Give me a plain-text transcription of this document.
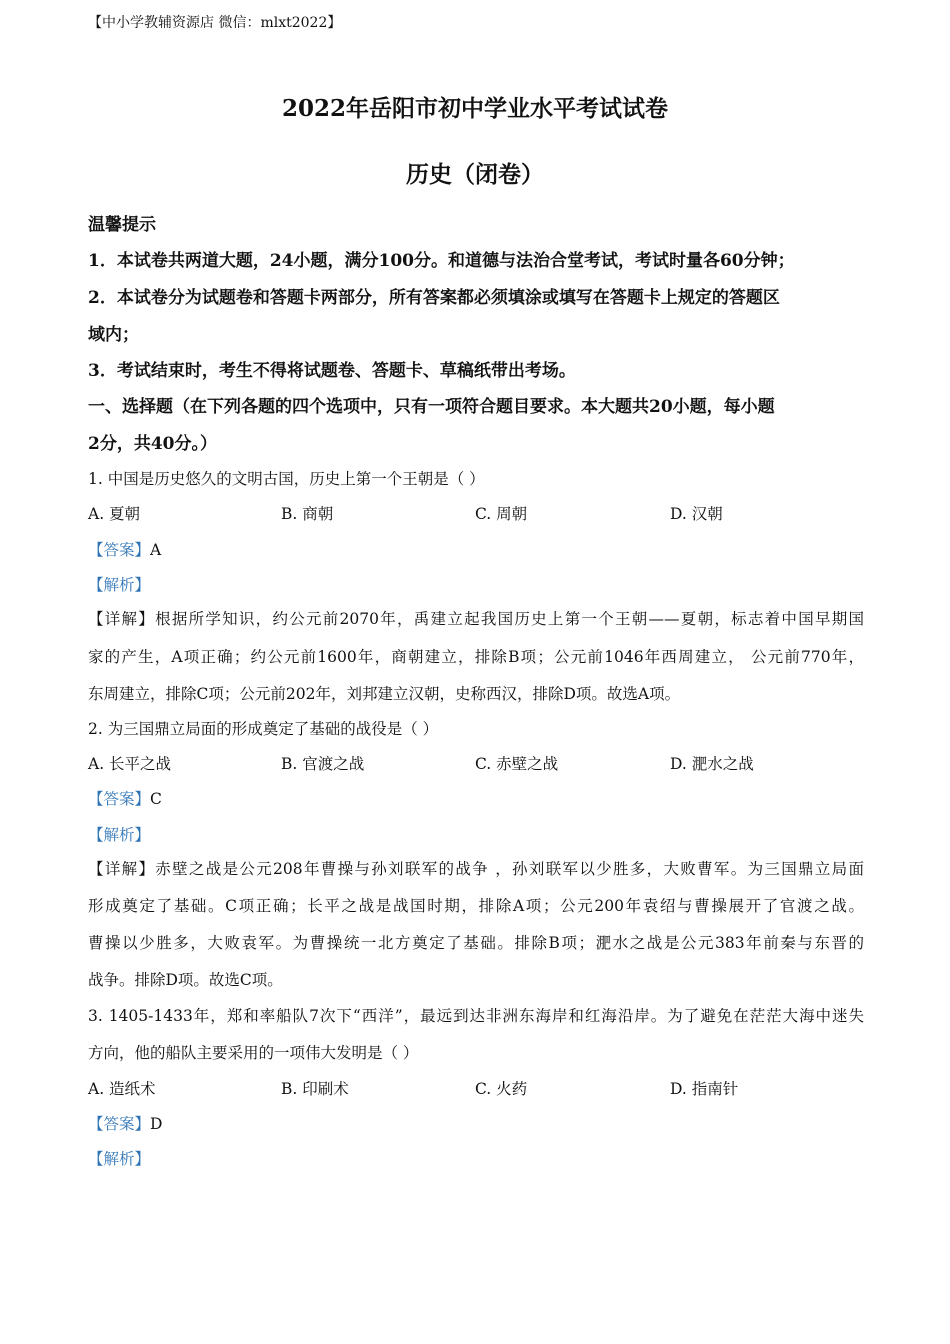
【中小学教辅资源店 微信：mlxt2022】
2022年岳阳市初中学业水平考试试卷
历史（闭卷）
温馨提示
1．本试卷共两道大题，24小题，满分100分。和道德与法治合堂考试，考试时量各60分钟；
2．本试卷分为试题卷和答题卡两部分，所有答案都必须填涂或填写在答题卡上规定的答题区
域内；
3．考试结束时，考生不得将试题卷、答题卡、草稿纸带出考场。
一、选择题（在下列各题的四个选项中，只有一项符合题目要求。本大题共20小题，每小题
2分，共40分。）
1. 中国是历史悠久的文明古国，历史上第一个王朝是（ ）
A. 夏朝	B. 商朝	C. 周朝	D. 汉朝
【答案】A
【解析】
【详解】根据所学知识，约公元前2070年，禹建立起我国历史上第一个王朝——夏朝，标志着中国早期国
家的产生，A项正确；约公元前1600年，商朝建立，排除B项；公元前1046年西周建立， 公元前770年，
东周建立，排除C项；公元前202年，刘邦建立汉朝，史称西汉，排除D项。故选A项。
2. 为三国鼎立局面的形成奠定了基础的战役是（ ）
A. 长平之战	B. 官渡之战	C. 赤壁之战	D. 淝水之战
【答案】C
【解析】
【详解】赤壁之战是公元208年曹操与孙刘联军的战争 ，孙刘联军以少胜多，大败曹军。为三国鼎立局面
形成奠定了基础。C项正确；长平之战是战国时期，排除A项；公元200年袁绍与曹操展开了官渡之战。
曹操以少胜多，大败袁军。为曹操统一北方奠定了基础。排除B项；淝水之战是公元383年前秦与东晋的
战争。排除D项。故选C项。
3. 1405-1433年，郑和率船队7次下“西洋”，最远到达非洲东海岸和红海沿岸。为了避免在茫茫大海中迷失
方向，他的船队主要采用的一项伟大发明是（ ）
A. 造纸术	B. 印刷术	C. 火药	D. 指南针
【答案】D
【解析】
